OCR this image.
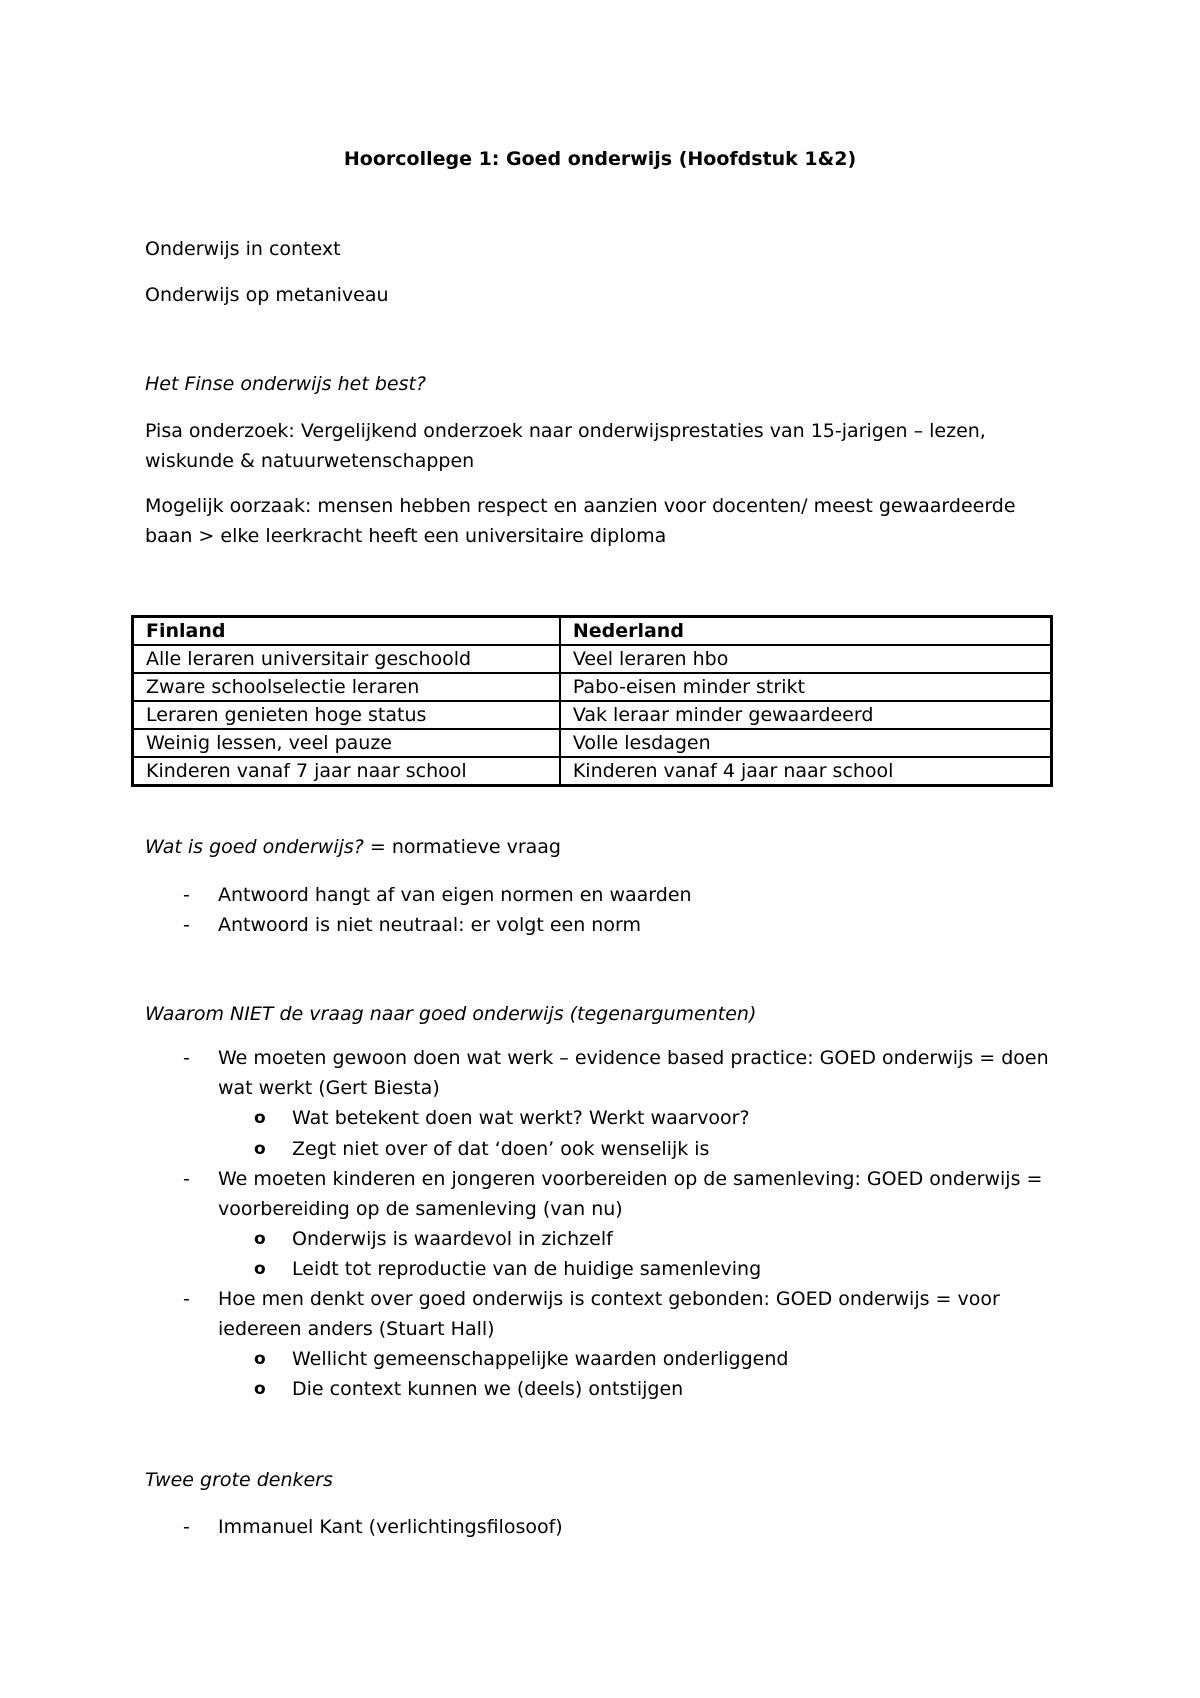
Hoorcollege 1: Goed onderwijs (Hoofdstuk 1&2)
Onderwijs in context
Onderwijs op metaniveau
Het Finse onderwijs het best?
Pisa onderzoek: Vergelijkend onderzoek naar onderwijsprestaties van 15-jarigen – lezen, wiskunde & natuurwetenschappen
Mogelijk oorzaak: mensen hebben respect en aanzien voor docenten/ meest gewaardeerde baan > elke leerkracht heeft een universitaire diploma
Finland	Nederland
Alle leraren universitair geschoold	Veel leraren hbo
Zware schoolselectie leraren	Pabo-eisen minder strikt
Leraren genieten hoge status	Vak leraar minder gewaardeerd
Weinig lessen, veel pauze	Volle lesdagen
Kinderen vanaf 7 jaar naar school	Kinderen vanaf 4 jaar naar school
Wat is goed onderwijs? = normatieve vraag
- Antwoord hangt af van eigen normen en waarden
- Antwoord is niet neutraal: er volgt een norm
Waarom NIET de vraag naar goed onderwijs (tegenargumenten)
- We moeten gewoon doen wat werk – evidence based practice: GOED onderwijs = doen wat werkt (Gert Biesta)
o Wat betekent doen wat werkt? Werkt waarvoor?
o Zegt niet over of dat ‘doen’ ook wenselijk is
- We moeten kinderen en jongeren voorbereiden op de samenleving: GOED onderwijs = voorbereiding op de samenleving (van nu)
o Onderwijs is waardevol in zichzelf
o Leidt tot reproductie van de huidige samenleving
- Hoe men denkt over goed onderwijs is context gebonden: GOED onderwijs = voor iedereen anders (Stuart Hall)
o Wellicht gemeenschappelijke waarden onderliggend
o Die context kunnen we (deels) ontstijgen
Twee grote denkers
- Immanuel Kant (verlichtingsfilosoof)
